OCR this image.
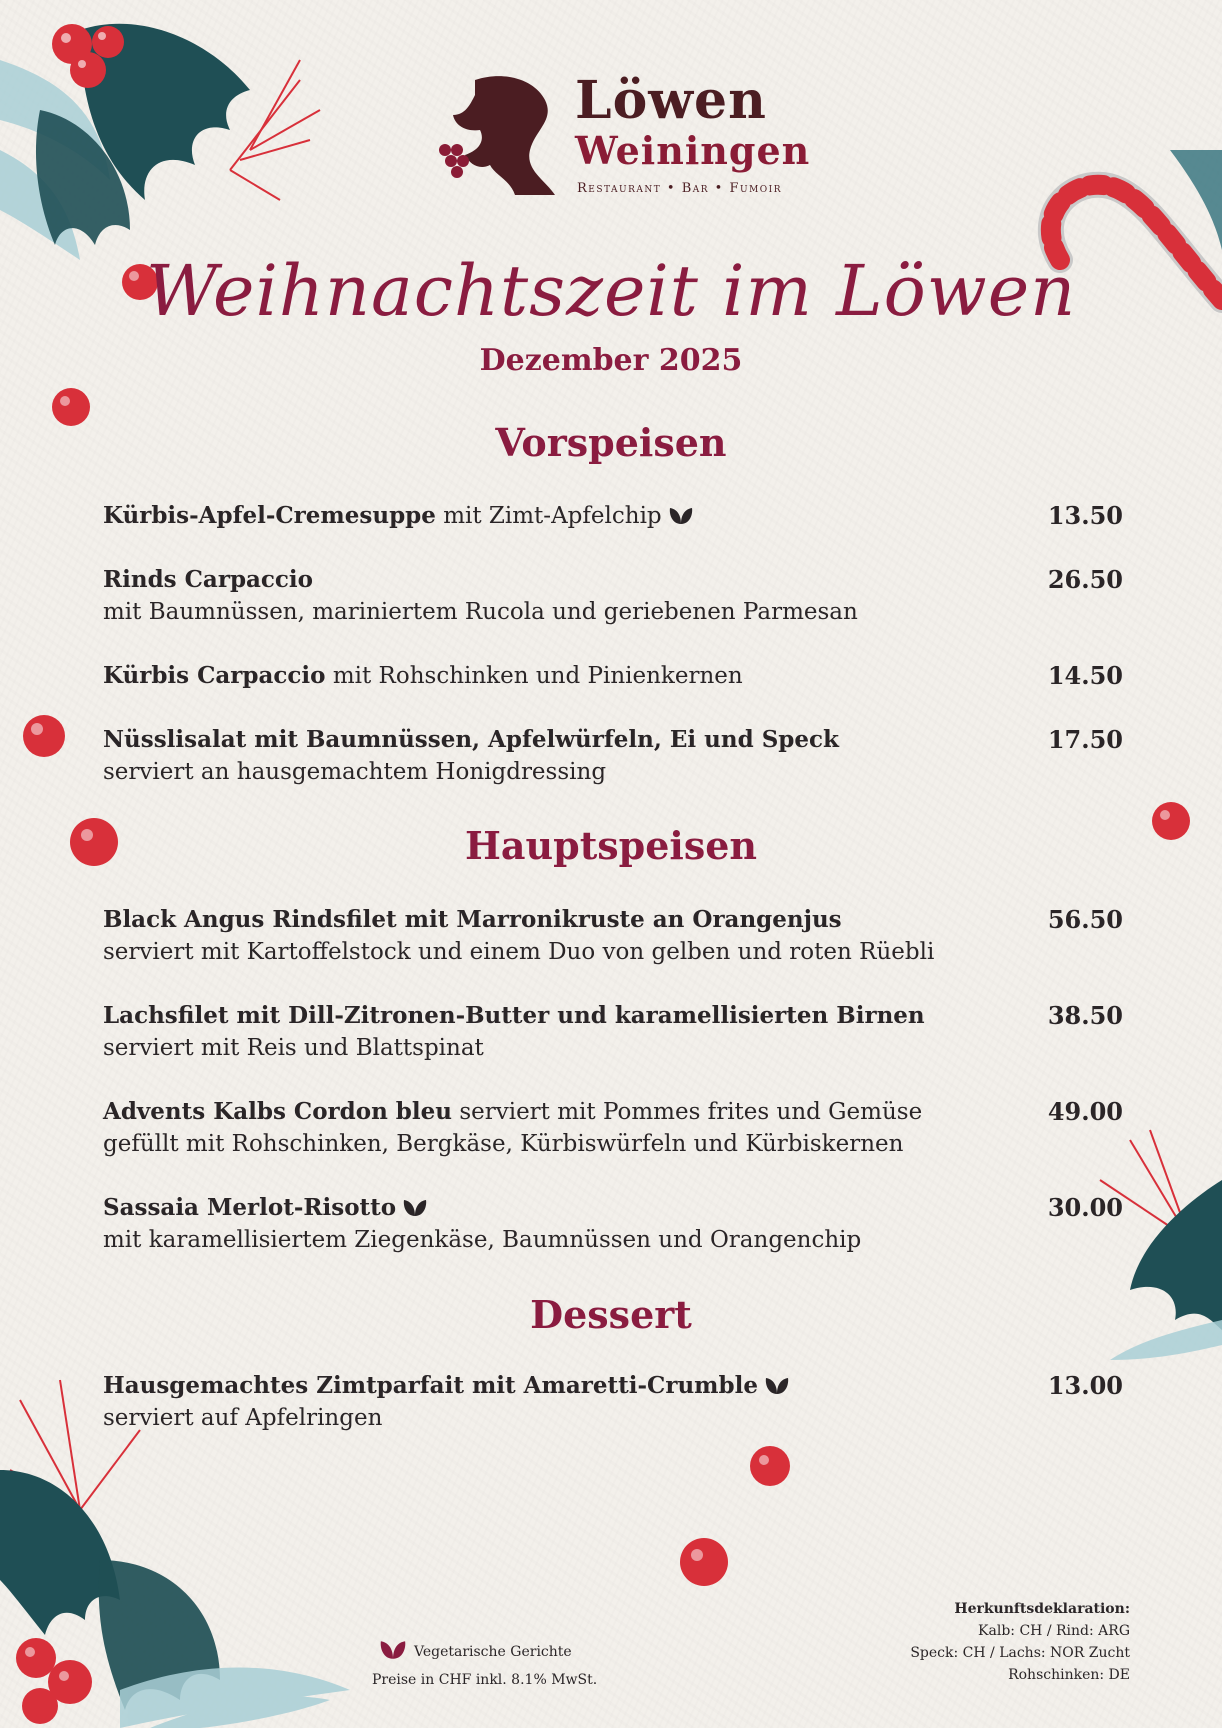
Löwen
Weiningen
Restaurant • Bar • Fumoir
Weihnachtszeit im Löwen
Dezember 2025
Vorspeisen
Kürbis-Apfel-Cremesuppe mit Zimt-Apfelchip	13.50
Rinds Carpaccio
mit Baumnüssen, mariniertem Rucola und geriebenen Parmesan
26.50
Kürbis Carpaccio mit Rohschinken und Pinienkernen	14.50
Nüsslisalat mit Baumnüssen, Apfelwürfeln, Ei und Speck
serviert an hausgemachtem Honigdressing
17.50
Hauptspeisen
Black Angus Rindsfilet mit Marronikruste an Orangenjus
serviert mit Kartoffelstock und einem Duo von gelben und roten Rüebli
56.50
Lachsfilet mit Dill-Zitronen-Butter und karamellisierten Birnen
serviert mit Reis und Blattspinat
38.50
Advents Kalbs Cordon bleu serviert mit Pommes frites und Gemüse
gefüllt mit Rohschinken, Bergkäse, Kürbiswürfeln und Kürbiskernen
49.00
Sassaia Merlot-Risotto
mit karamellisiertem Ziegenkäse, Baumnüssen und Orangenchip
30.00
Dessert
Hausgemachtes Zimtparfait mit Amaretti-Crumble
serviert auf Apfelringen
13.00
Vegetarische Gerichte
Preise in CHF inkl. 8.1% MwSt.
Herkunftsdeklaration:
Kalb: CH / Rind: ARG
Speck: CH / Lachs: NOR Zucht
Rohschinken: DE
